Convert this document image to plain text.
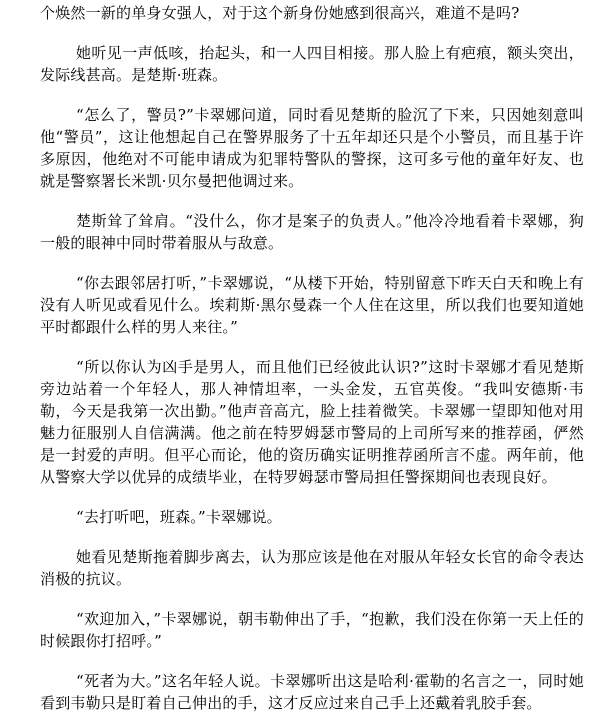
个焕然一新的单身女强人，对于这个新身份她感到很高兴，难道不是吗?

她听见一声低咳，抬起头，和一人四目相接。那人脸上有疤痕，额头突出，发际线甚高。是楚斯·班森。

“怎么了，警员?”卡翠娜问道，同时看见楚斯的脸沉了下来，只因她刻意叫他“警员”，这让他想起自己在警界服务了十五年却还只是个小警员，而且基于许多原因，他绝对不可能申请成为犯罪特警队的警探，这可多亏他的童年好友、也就是警察署长米凯·贝尔曼把他调过来。

楚斯耸了耸肩。“没什么，你才是案子的负责人。”他冷冷地看着卡翠娜，狗一般的眼神中同时带着服从与敌意。

“你去跟邻居打听，”卡翠娜说，“从楼下开始，特别留意下昨天白天和晚上有没有人听见或看见什么。埃莉斯·黑尔曼森一个人住在这里，所以我们也要知道她平时都跟什么样的男人来往。”

“所以你认为凶手是男人，而且他们已经彼此认识?”这时卡翠娜才看见楚斯旁边站着一个年轻人，那人神情坦率，一头金发，五官英俊。“我叫安德斯·韦勒，今天是我第一次出勤。”他声音高亢，脸上挂着微笑。卡翠娜一望即知他对用魅力征服别人自信满满。他之前在特罗姆瑟市警局的上司所写来的推荐函，俨然是一封爱的声明。但平心而论，他的资历确实证明推荐函所言不虚。两年前，他从警察大学以优异的成绩毕业，在特罗姆瑟市警局担任警探期间也表现良好。

“去打听吧，班森。”卡翠娜说。

她看见楚斯拖着脚步离去，认为那应该是他在对服从年轻女长官的命令表达消极的抗议。

“欢迎加入，”卡翠娜说，朝韦勒伸出了手，“抱歉，我们没在你第一天上任的时候跟你打招呼。”

“死者为大。”这名年轻人说。卡翠娜听出这是哈利·霍勒的名言之一，同时她看到韦勒只是盯着自己伸出的手，这才反应过来自己手上还戴着乳胶手套。
